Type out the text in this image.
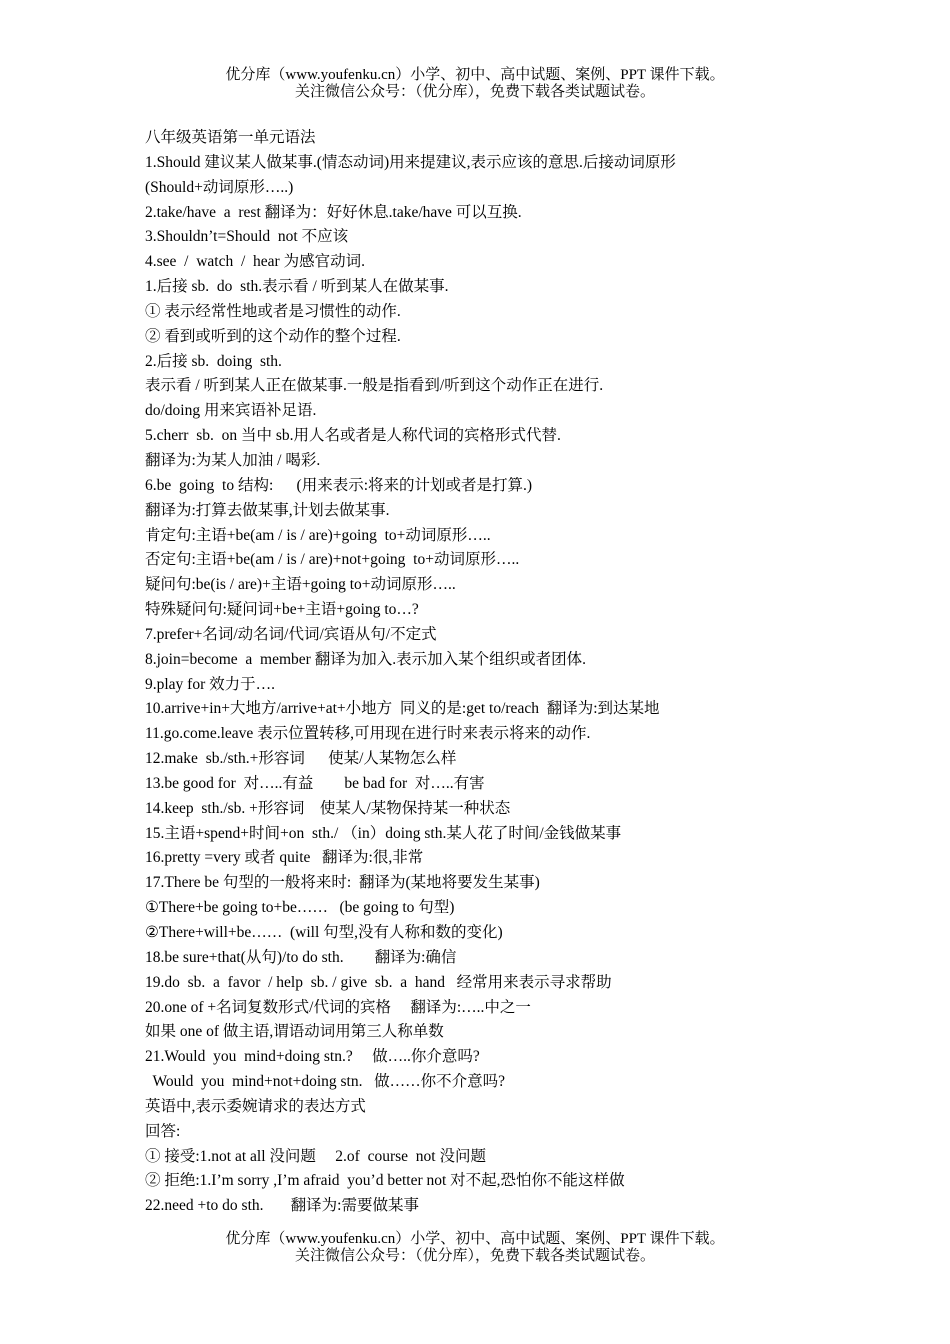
优分库（www.youfenku.cn）小学、初中、高中试题、案例、PPT 课件下载。
关注微信公众号：（优分库），免费下载各类试题试卷。
八年级英语第一单元语法
1.Should 建议某人做某事.(情态动词)用来提建议,表示应该的意思.后接动词原形
(Should+动词原形…..)
2.take/have  a  rest 翻译为：好好休息.take/have 可以互换.
3.Shouldn’t=Should  not 不应该
4.see  /  watch  /  hear 为感官动词.
1.后接 sb.  do  sth.表示看 / 听到某人在做某事.
① 表示经常性地或者是习惯性的动作.
② 看到或听到的这个动作的整个过程.
2.后接 sb.  doing  sth.
表示看 / 听到某人正在做某事.一般是指看到/听到这个动作正在进行.
do/doing 用来宾语补足语.
5.cherr  sb.  on 当中 sb.用人名或者是人称代词的宾格形式代替.
翻译为:为某人加油 / 喝彩.
6.be  going  to 结构:      (用来表示:将来的计划或者是打算.)
翻译为:打算去做某事,计划去做某事.
肯定句:主语+be(am / is / are)+going  to+动词原形…..
否定句:主语+be(am / is / are)+not+going  to+动词原形…..
疑问句:be(is / are)+主语+going to+动词原形…..
特殊疑问句:疑问词+be+主语+going to…?
7.prefer+名词/动名词/代词/宾语从句/不定式
8.join=become  a  member 翻译为加入.表示加入某个组织或者团体.
9.play for 效力于….
10.arrive+in+大地方/arrive+at+小地方  同义的是:get to/reach  翻译为:到达某地
11.go.come.leave 表示位置转移,可用现在进行时来表示将来的动作.
12.make  sb./sth.+形容词      使某/人某物怎么样
13.be good for  对…..有益        be bad for  对…..有害
14.keep  sth./sb. +形容词    使某人/某物保持某一种状态
15.主语+spend+时间+on  sth./ （in）doing sth.某人花了时间/金钱做某事
16.pretty =very 或者 quite   翻译为:很,非常
17.There be 句型的一般将来时:  翻译为(某地将要发生某事)
①There+be going to+be……   (be going to 句型)
②There+will+be……  (will 句型,没有人称和数的变化)
18.be sure+that(从句)/to do sth.        翻译为:确信
19.do  sb.  a  favor  / help  sb. / give  sb.  a  hand   经常用来表示寻求帮助
20.one of +名词复数形式/代词的宾格     翻译为:…..中之一
如果 one of 做主语,谓语动词用第三人称单数
21.Would  you  mind+doing stn.?     做…..你介意吗?
Would  you  mind+not+doing stn.   做……你不介意吗?
英语中,表示委婉请求的表达方式
回答:
① 接受:1.not at all 没问题     2.of  course  not 没问题
② 拒绝:1.I’m sorry ,I’m afraid  you’d better not 对不起,恐怕你不能这样做
22.need +to do sth.       翻译为:需要做某事
优分库（www.youfenku.cn）小学、初中、高中试题、案例、PPT 课件下载。
关注微信公众号：（优分库），免费下载各类试题试卷。
